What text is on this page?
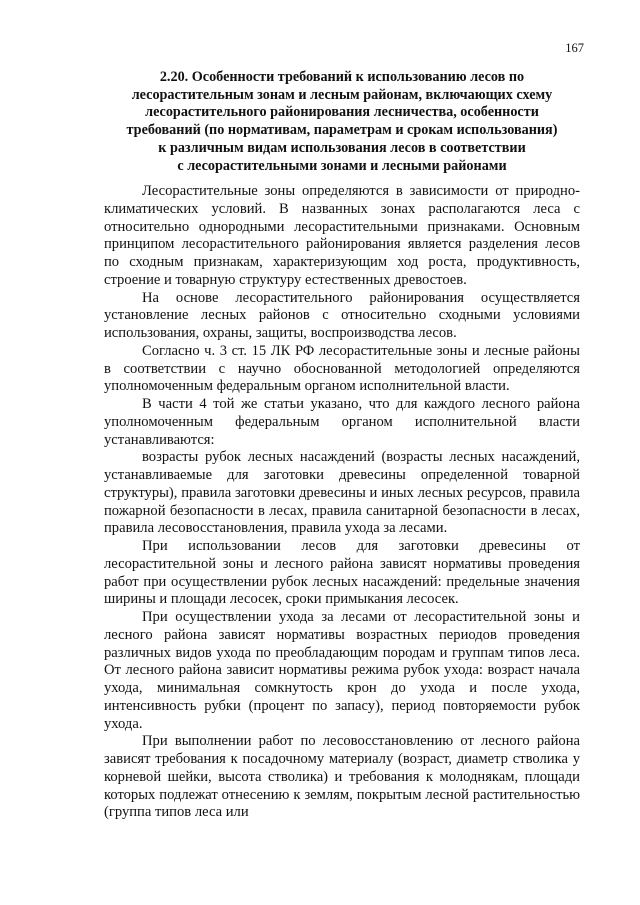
167
2.20. Особенности требований к использованию лесов по
лесорастительным зонам и лесным районам, включающих схему
лесорастительного районирования лесничества, особенности
требований (по нормативам, параметрам и срокам использования)
к различным видам использования лесов в соответствии
с лесорастительными зонами и лесными районами

Лесорастительные зоны определяются в зависимости от природно-климатических условий. В названных зонах располагаются леса с относительно однородными лесорастительными признаками. Основным принципом лесорастительного районирования является разделения лесов по сходным признакам, характеризующим ход роста, продуктивность, строение и товарную структуру естественных древостоев.

На основе лесорастительного районирования осуществляется установление лесных районов с относительно сходными условиями использования, охраны, защиты, воспроизводства лесов.

Согласно ч. 3 ст. 15 ЛК РФ лесорастительные зоны и лесные районы в соответствии с научно обоснованной методологией определяются уполномоченным федеральным органом исполнительной власти.

В части 4 той же статьи указано, что для каждого лесного района уполномоченным федеральным органом исполнительной власти устанавливаются:

возрасты рубок лесных насаждений (возрасты лесных насаждений, устанавливаемые для заготовки древесины определенной товарной структуры), правила заготовки древесины и иных лесных ресурсов, правила пожарной безопасности в лесах, правила санитарной безопасности в лесах, правила лесовосстановления, правила ухода за лесами.

При использовании лесов для заготовки древесины от лесорастительной зоны и лесного района зависят нормативы проведения работ при осуществлении рубок лесных насаждений: предельные значения ширины и площади лесосек, сроки примыкания лесосек.

При осуществлении ухода за лесами от лесорастительной зоны и лесного района зависят нормативы возрастных периодов проведения различных видов ухода по преобладающим породам и группам типов леса. От лесного района зависит нормативы режима рубок ухода: возраст начала ухода, минимальная сомкнутость крон до ухода и после ухода, интенсивность рубки (процент по запасу), период повторяемости рубок ухода.

При выполнении работ по лесовосстановлению от лесного района зависят требования к посадочному материалу (возраст, диаметр стволика у корневой шейки, высота стволика) и требования к молоднякам, площади которых подлежат отнесению к землям, покрытым лесной растительностью (группа типов леса или
